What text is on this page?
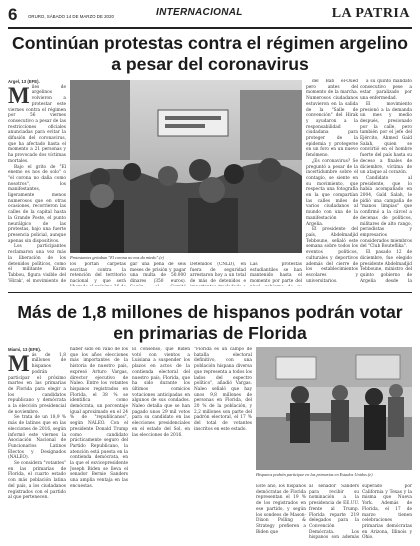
6 ORURO, SÁBADO 14 DE MARZO DE 2020	INTERNACIONAL	LA PATRIA
Continúan protestas contra el régimen argelino a pesar del coronavirus
Argel, 13 (EFE).
M iles de argelinos volvieron a protestar este viernes contra el régimen por 56 viernes consecutivo a pesar de las restricciones oficiales anunciadas para evitar la difusión del coronavirus, que ha afectado hasta el momento a 21 personas y ha provocado dos víctimas mortales.

Bajo el grito de "El enemo es nos de solo" o "el corona no daña como nosotros", los manifestantes, ligeramente menos numerosos que en otras ocasiones, recorrieron las calles de la capital hasta la Grande Poste, el punto neurálgico de las protestas, bajo una fuerte presencia policial, aunque apenas sin dispositivos.

Los participantes reclamaron una vez más la liberación de los detenidos políticos, como el militante Karim Tabbou, figura visible del 'Hirak', el movimiento de

Protestantes gritaban "El corona no nos da miedo".(e)

del Bab el-Oued pero antes del momento de la marcha. Numerosos ciudadanos estuvieron en la salida de la "Salle de convención" del Hirak y ayudaron a la responsabilidad ciudadana para proteger de la epidemia y protegerse en un foro en un nuevo fenómeno.

¿Es coronavirus? Se preguntó a pesar de la incertidumbre sobre el contagio, se siente en su movimiento, que respecta una fotografía en la que compartían las calles miles de varios ciudadanos al mundo con una de la manifestación de Argelia.

El presidente del país, Abdelmadjid Tebboune, señaló este semana sobre todos los eventos políticos, culturales y deportivos además del cierre de los establecimientos escolares y universitarios.

a su quinto mandato consecutivo pese a estar paralizado por una enfermedad.

El movimiento presionó a la demanda un mes y medio después, presionado por la calle, pero también por el jefe del Ejército, Ahmed Gaïd Salah, quien se convirtió en el hombre fuerte del país hasta su deceso a finales de diciembre, víctima de un ataque al corazón.

Candidato al presidente, que lo había acompañado en 2004, Gaïd Salah, le pidió una campaña de "manos limpias" que confirmó a la cárcel a decenas de políticos, militares de alto rango, periodistas y empresarios considerados miembros del "Club Bouteflika".

El pasado 12 de diciembre, fue elegido presidente Abdelmadjid Tebboune, ministro del quinto gobierno de Argelia desde la

los portan carpetas escritas contra la retención del territorio nacional y que será
gar una pena de seis meses de prisión y pagar una multa de 50.000 dinares (350 euros).
Detenidos (CNLD), en fuera de seguridad arrestaron hoy a un total de más de detenidos e
Las protestas estudiantiles se han mantenido hasta el momento por parte del
Más de 1,8 millones de hispanos podrán votar en primarias de Florida
Miami, 13 (EFE).
M ás de 1,8 millones de hispanos podrán participar el próximo martes en las primarias de Florida para elegir a los candidatos republicano y demócrata a la elección presidencial de noviembre.

Se trata de un 18,9 % más de latinos que en las elecciones de 2016, según informó este viernes la Asociación Nacional de Funcionarios Latinos Electos y Designados (NALEO).

Se considera "votantes" en las primarias de Florida, el cuarto estado con más población latina del país, a los ciudadanos registrados con el partido al que pertenecen.

haber sido en vano de los que los años elecciones más importantes de la historia de nuestro país, expresó Arturo Vargas, director ejecutivo de Naleo. Entre los votantes hispanos registrados en Florida, el 38 % se identifica como demócrata, un porcentaje igual aproximado en el 24 % de "republicanos", según NALEO. Con el presidente Donald Trump como candidato prácticamente seguro del Partido Republicano, la atención está puesta en la contienda demócrata, en la que el exvicepresidente Joseph Biden se lleva el senador Bernie Sanders una amplia ventaja en las encuestas.
El consenso, que Biden votó con vientos a Luisiana a suspender los plazos en actos de la contienda electoral del nuestro país, Florida, que ha sido durante los últimos comicios votaciones anticipadas en algunos de sus condados. Naleo detalla que se han pagado unos 29 mil votos para su candidato en las elecciones presidenciales en el estado del Sol, en las elecciones de 2016.
"Florida es un campo de batalla electoral definitivo, con una población hispana diversa que representa a todos los lados del espectro político", añadió Vargas. Naleo señaló que hay unos 9,8 millones de personas en Florida, del 20 % de la población, y 2,2 millones son parte del padrón electoral, el 17 % del total de votantes inscritos en este estado.
Hispanos podrán participar en las primarias en Estados Unidos.(e)
Este año, los hispanos demócratas de Florida representan el 19 % de los registrados en ese partido, y según los sondeos de Mason-Dixon Polling & Strategy prefieren a Biden que
al senador Sanders para recibir su nominación a la presidencia de EE.UU. frente al Trump. Florida reparte 219 delegados para la Convención Demócrata. Los hispanos son además
superado por California y Texas y la misma que Nueva York. Además de Florida, el 17 de marzo tienen celebraciones primarias demócratas en Arizona, Illinois y Ohio.
